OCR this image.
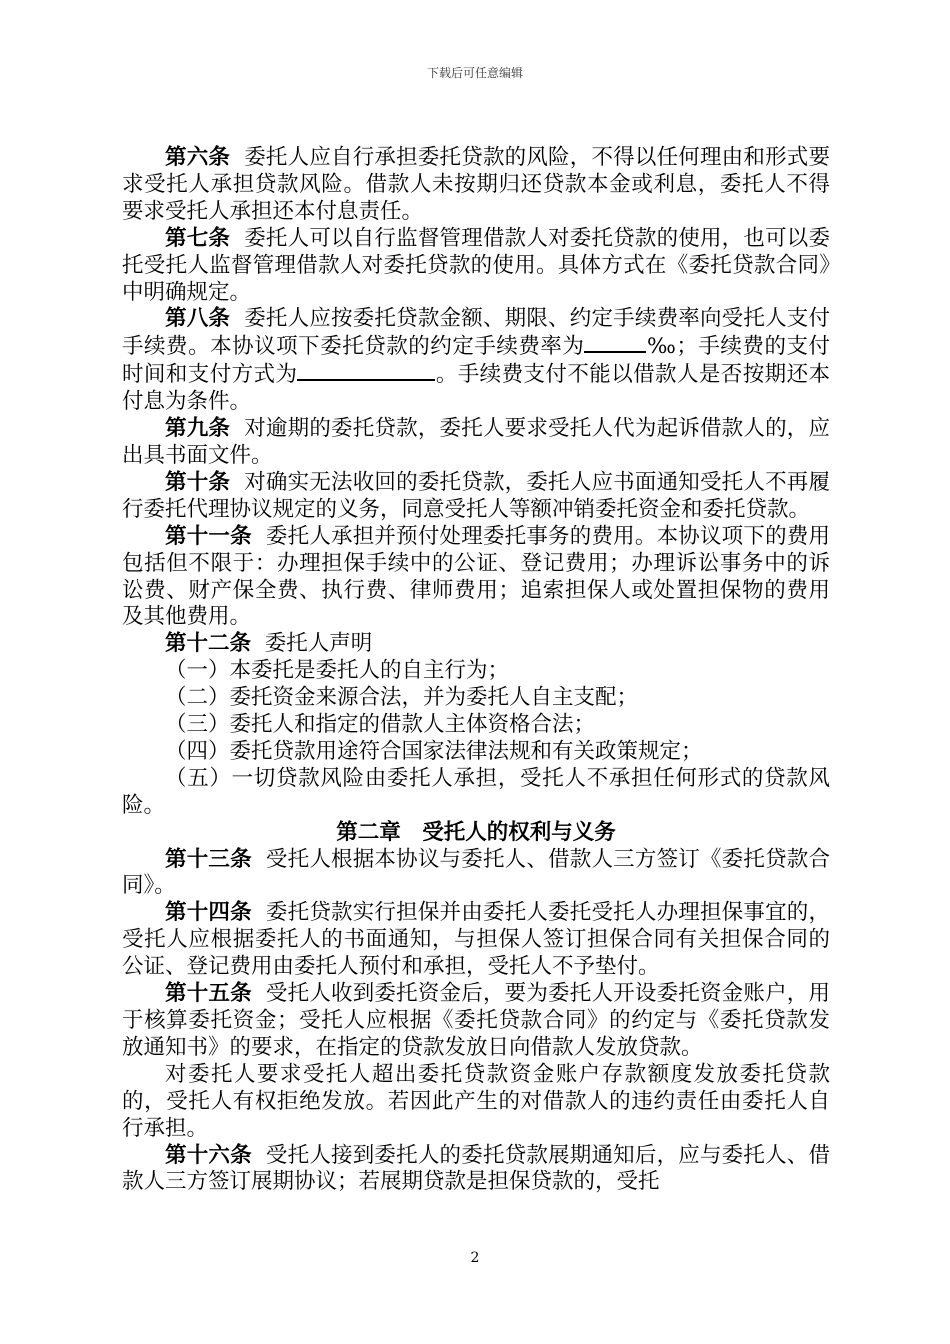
下载后可任意编辑

第六条 委托人应自行承担委托贷款的风险，不得以任何理由和形式要求受托人承担贷款风险。借款人未按期归还贷款本金或利息，委托人不得要求受托人承担还本付息责任。

第七条 委托人可以自行监督管理借款人对委托贷款的使用，也可以委托受托人监督管理借款人对委托贷款的使用。具体方式在《委托贷款合同》中明确规定。

第八条 委托人应按委托贷款金额、期限、约定手续费率向受托人支付手续费。本协议项下委托贷款的约定手续费率为	‰；手续费的支付时间和支付方式为	。手续费支付不能以借款人是否按期还本付息为条件。

第九条 对逾期的委托贷款，委托人要求受托人代为起诉借款人的，应出具书面文件。

第十条 对确实无法收回的委托贷款，委托人应书面通知受托人不再履行委托代理协议规定的义务，同意受托人等额冲销委托资金和委托贷款。

第十一条 委托人承担并预付处理委托事务的费用。本协议项下的费用包括但不限于：办理担保手续中的公证、登记费用；办理诉讼事务中的诉讼费、财产保全费、执行费、律师费用；追索担保人或处置担保物的费用及其他费用。

第十二条 委托人声明

（一）本委托是委托人的自主行为；

（二）委托资金来源合法，并为委托人自主支配；

（三）委托人和指定的借款人主体资格合法；

（四）委托贷款用途符合国家法律法规和有关政策规定；

（五）一切贷款风险由委托人承担，受托人不承担任何形式的贷款风险。

第二章　受托人的权利与义务

第十三条 受托人根据本协议与委托人、借款人三方签订《委托贷款合同》。

第十四条 委托贷款实行担保并由委托人委托受托人办理担保事宜的，受托人应根据委托人的书面通知，与担保人签订担保合同有关担保合同的公证、登记费用由委托人预付和承担，受托人不予垫付。

第十五条 受托人收到委托资金后，要为委托人开设委托资金账户，用于核算委托资金；受托人应根据《委托贷款合同》的约定与《委托贷款发放通知书》的要求，在指定的贷款发放日向借款人发放贷款。

对委托人要求受托人超出委托贷款资金账户存款额度发放委托贷款的，受托人有权拒绝发放。若因此产生的对借款人的违约责任由委托人自行承担。

第十六条 受托人接到委托人的委托贷款展期通知后，应与委托人、借款人三方签订展期协议；若展期贷款是担保贷款的，受托

2
